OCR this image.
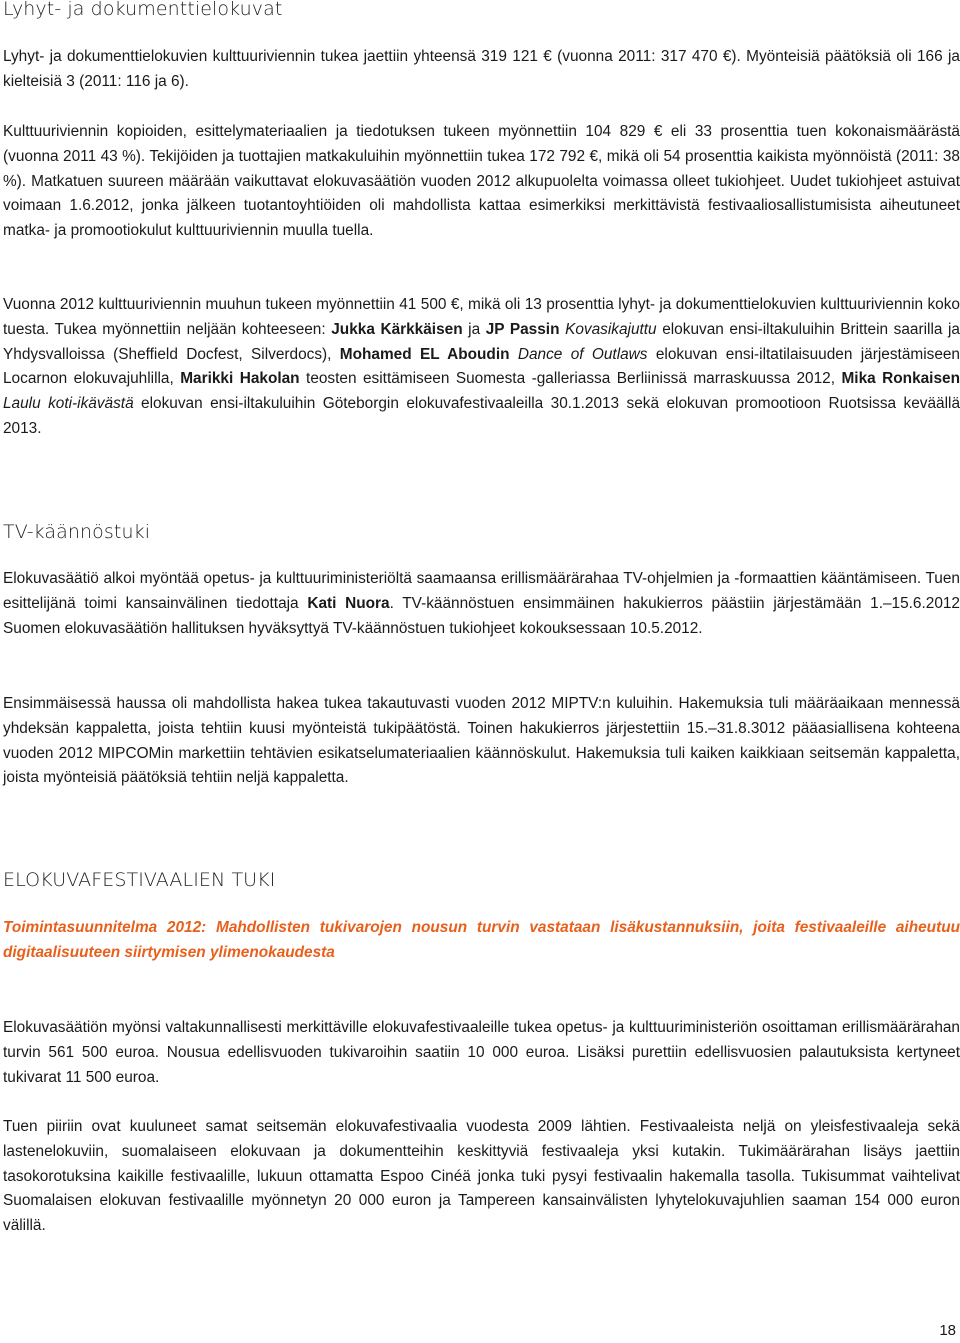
Lyhyt- ja dokumenttielokuvat

Lyhyt- ja dokumenttielokuvien kulttuuriviennin tukea jaettiin yhteensä 319 121 € (vuonna 2011: 317 470 €). Myönteisiä päätöksiä oli 166 ja kielteisiä 3 (2011: 116 ja 6).

Kulttuuriviennin kopioiden, esittelymateriaalien ja tiedotuksen tukeen myönnettiin 104 829 € eli 33 prosenttia tuen kokonaismäärästä (vuonna 2011 43 %). Tekijöiden ja tuottajien matkakuluihin myönnettiin tukea 172 792 €, mikä oli 54 prosenttia kaikista myönnöistä (2011: 38 %). Matkatuen suureen määrään vaikuttavat elokuvasäätiön vuoden 2012 alkupuolelta voimassa olleet tukiohjeet. Uudet tukiohjeet astuivat voimaan 1.6.2012, jonka jälkeen tuotantoyhtiöiden oli mahdollista kattaa esimerkiksi merkittävistä festivaaliosallistumisista aiheutuneet matka- ja promootiokulut kulttuuriviennin muulla tuella.

Vuonna 2012 kulttuuriviennin muuhun tukeen myönnettiin 41 500 €, mikä oli 13 prosenttia lyhyt- ja dokumenttielokuvien kulttuuriviennin koko tuesta. Tukea myönnettiin neljään kohteeseen: Jukka Kärkkäisen ja JP Passin Kovasikajuttu elokuvan ensi-iltakuluihin Brittein saarilla ja Yhdysvalloissa (Sheffield Docfest, Silverdocs), Mohamed EL Aboudin Dance of Outlaws elokuvan ensi-iltatilaisuuden järjestämiseen Locarnon elokuvajuhlilla, Marikki Hakolan teosten esittämiseen Suomesta -galleriassa Berliinissä marraskuussa 2012, Mika Ronkaisen Laulu koti-ikävästä elokuvan ensi-iltakuluihin Göteborgin elokuvafestivaaleilla 30.1.2013 sekä elokuvan promootioon Ruotsissa keväällä 2013.

TV-käännöstuki

Elokuvasäätiö alkoi myöntää opetus- ja kulttuuriministeriöltä saamaansa erillismäärärahaa TV-ohjelmien ja -formaattien kääntämiseen. Tuen esittelijänä toimi kansainvälinen tiedottaja Kati Nuora. TV-käännöstuen ensimmäinen hakukierros päästiin järjestämään 1.–15.6.2012 Suomen elokuvasäätiön hallituksen hyväksyttyä TV-käännöstuen tukiohjeet kokouksessaan 10.5.2012.

Ensimmäisessä haussa oli mahdollista hakea tukea takautuvasti vuoden 2012 MIPTV:n kuluihin. Hakemuksia tuli määräaikaan mennessä yhdeksän kappaletta, joista tehtiin kuusi myönteistä tukipäätöstä. Toinen hakukierros järjestettiin 15.–31.8.3012 pääasiallisena kohteena vuoden 2012 MIPCOMin markettiin tehtävien esikatselumateriaalien käännöskulut. Hakemuksia tuli kaiken kaikkiaan seitsemän kappaletta, joista myönteisiä päätöksiä tehtiin neljä kappaletta.

ELOKUVAFESTIVAALIEN TUKI

Toimintasuunnitelma 2012: Mahdollisten tukivarojen nousun turvin vastataan lisäkustannuksiin, joita festivaaleille aiheutuu digitaalisuuteen siirtymisen ylimenokaudesta

Elokuvasäätiön myönsi valtakunnallisesti merkittäville elokuvafestivaaleille tukea opetus- ja kulttuuriministeriön osoittaman erillismäärärahan turvin 561 500 euroa. Nousua edellisvuoden tukivaroihin saatiin 10 000 euroa. Lisäksi purettiin edellisvuosien palautuksista kertyneet tukivarat 11 500 euroa.

Tuen piiriin ovat kuuluneet samat seitsemän elokuvafestivaalia vuodesta 2009 lähtien. Festivaaleista neljä on yleisfestivaaleja sekä lastenelokuviin, suomalaiseen elokuvaan ja dokumentteihin keskittyviä festivaaleja yksi kutakin. Tukimäärärahan lisäys jaettiin tasokorotuksina kaikille festivaalille, lukuun ottamatta Espoo Cinéä jonka tuki pysyi festivaalin hakemalla tasolla. Tukisummat vaihtelivat Suomalaisen elokuvan festivaalille myönnetyn 20 000 euron ja Tampereen kansainvälisten lyhytelokuvajuhlien saaman 154 000 euron välillä.

18
